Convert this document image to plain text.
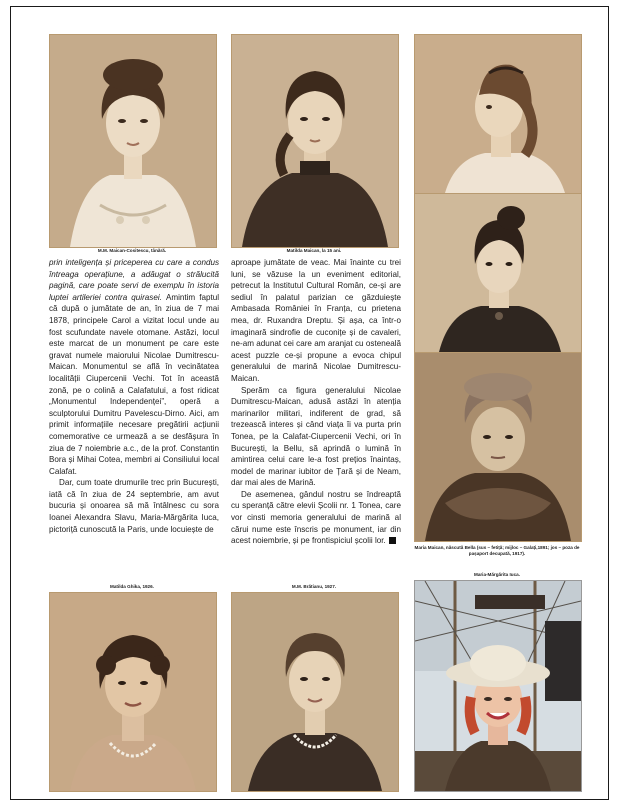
M.M. Maican-Cositescu, tânără.	Matilda Maican, la 15 ani.
Maria Maican, născută Bella (sus – fetiță; mijloc – Galați,1891; jos – poza de pașaport decupată, 1917).

prin inteligența și priceperea cu care a condus întreaga operațiune, a adăugat o strălucită pagină, care poate servi de exemplu în istoria luptei artileriei contra quirasei.

Amintim faptul că după o jumătate de an, în ziua de 7 mai 1878, principele Carol a vizitat locul unde au fost scufundate navele otomane. Astăzi, locul este marcat de un monument pe care este gravat numele maiorului Nicolae Dumitrescu-Maican. Monumentul se află în vecinătatea localității Ciupercenii Vechi. Tot în această zonă, pe o colină a Calafatului, a fost ridicat „Monumentul Independenței”, operă a sculptorului Dumitru Pavelescu-Dirno. Aici, am primit informațiile necesare pregătirii acțiunii comemorative ce urmează a se desfășura în ziua de 7 noiembrie a.c., de la prof. Constantin Bora și Mihai Cotea, membri ai Consiliului local Calafat.

Dar, cum toate drumurile trec prin București, iată că în ziua de 24 septembrie, am avut bucuria și onoarea să mă întâlnesc cu sora Ioanei Alexandra Slavu, Maria-Mărgărita Iuca, pictoriță cunoscută la Paris, unde locuiește de

aproape jumătate de veac. Mai înainte cu trei luni, se văzuse la un eveniment editorial, petrecut la Institutul Cultural Român, ce-și are sediul în palatul parizian ce găzduiește Ambasada României în Franța, cu prietena mea, dr. Ruxandra Dreptu. Și așa, ca într-o imaginară sindrofie de cuconițe și de cavaleri, ne-am adunat cei care am aranjat cu osteneală acest puzzle ce-și propune a evoca chipul generalului de marină Nicolae Dumitrescu-Maican.

Sperăm ca figura generalului Nicolae Dumitrescu-Maican, adusă astăzi în atenția marinarilor militari, indiferent de grad, să trezească interes și când viața îi va purta prin Tonea, pe la Calafat-Ciupercenii Vechi, ori în București, la Bellu, să aprindă o lumină în amintirea celui care le-a fost prețios înaintaș, model de marinar iubitor de Țară și de Neam, dar mai ales de Marină.

De asemenea, gândul nostru se îndreaptă cu speranță către elevii Școlii nr. 1 Tonea, care vor cinsti memoria generalului de marină al cărui nume este înscris pe monument, iar din acest noiembrie, și pe frontispiciul școlii lor.

Matilda Ghika, 1926.	M.M. Brătianu, 1927.
Maria-Mărgărita Iuca.
